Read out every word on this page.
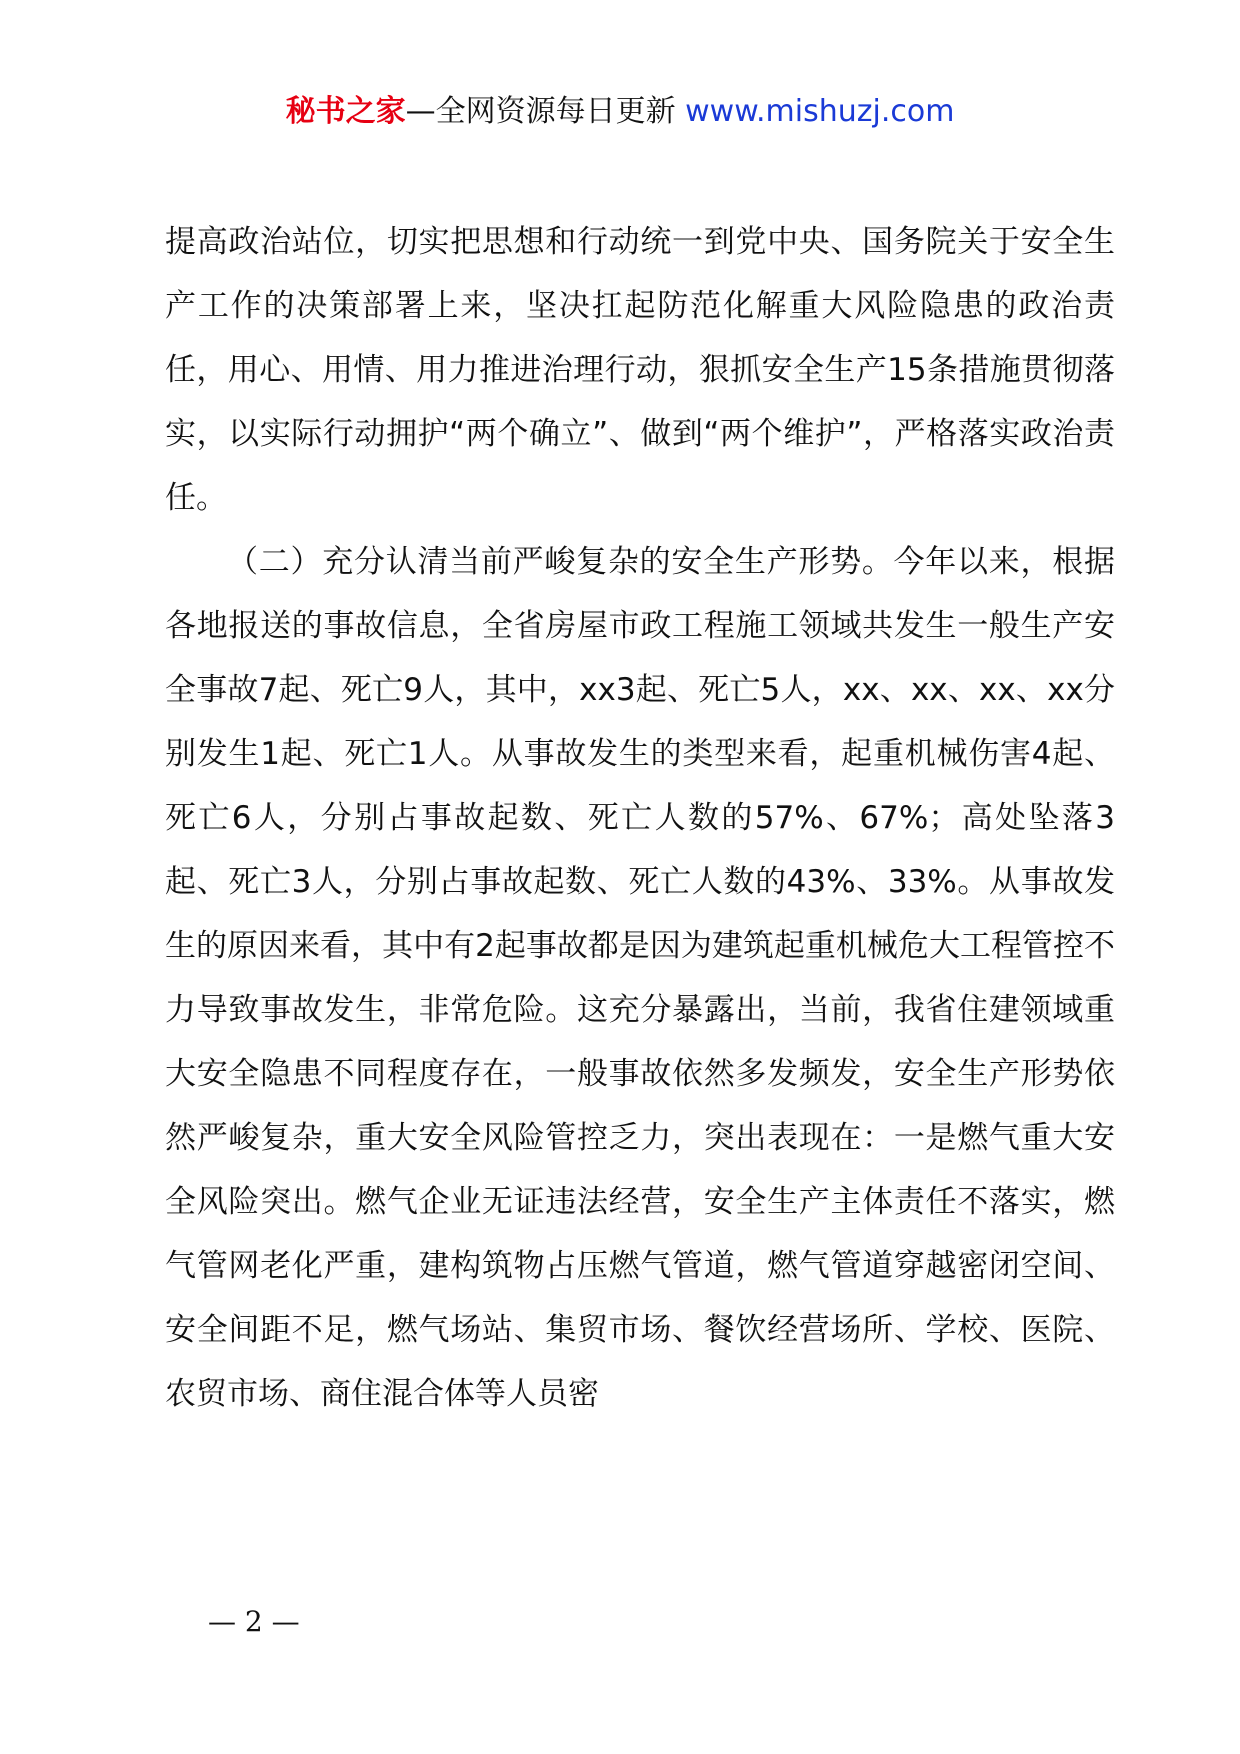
秘书之家—全网资源每日更新 www.mishuzj.com

提高政治站位，切实把思想和行动统一到党中央、国务院关于安全生产工作的决策部署上来，坚决扛起防范化解重大风险隐患的政治责任，用心、用情、用力推进治理行动，狠抓安全生产15条措施贯彻落实，以实际行动拥护“两个确立”、做到“两个维护”，严格落实政治责任。

（二）充分认清当前严峻复杂的安全生产形势。今年以来，根据各地报送的事故信息，全省房屋市政工程施工领域共发生一般生产安全事故7起、死亡9人，其中，xx3起、死亡5人，xx、xx、xx、xx分别发生1起、死亡1人。从事故发生的类型来看，起重机械伤害4起、死亡6人，分别占事故起数、死亡人数的57%、67%；高处坠落3起、死亡3人，分别占事故起数、死亡人数的43%、33%。从事故发生的原因来看，其中有2起事故都是因为建筑起重机械危大工程管控不力导致事故发生，非常危险。这充分暴露出，当前，我省住建领域重大安全隐患不同程度存在，一般事故依然多发频发，安全生产形势依然严峻复杂，重大安全风险管控乏力，突出表现在：一是燃气重大安全风险突出。燃气企业无证违法经营，安全生产主体责任不落实，燃气管网老化严重，建构筑物占压燃气管道，燃气管道穿越密闭空间、安全间距不足，燃气场站、集贸市场、餐饮经营场所、学校、医院、农贸市场、商住混合体等人员密

— 2 —
